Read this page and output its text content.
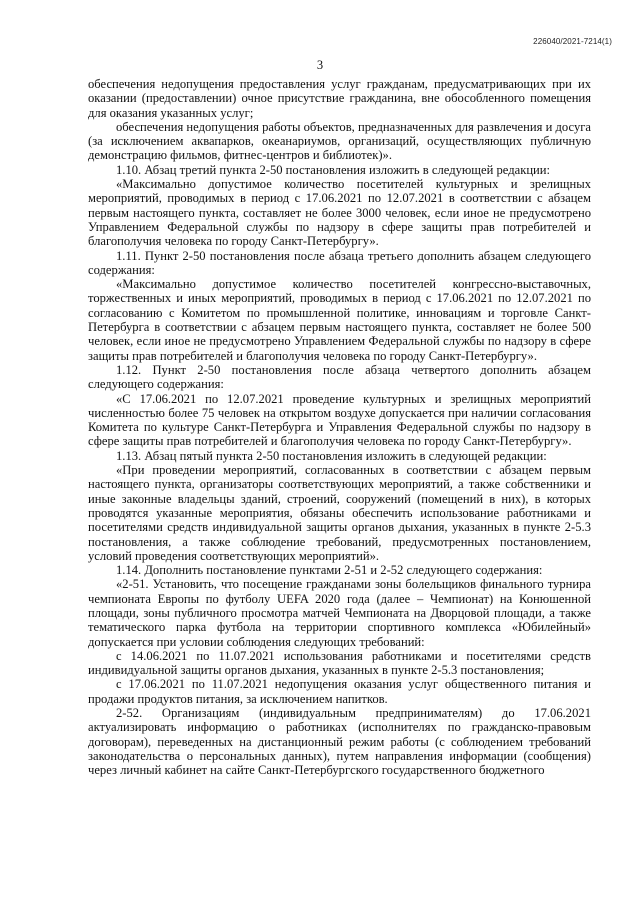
226040/2021-7214(1)
3

обеспечения недопущения предоставления услуг гражданам, предусматривающих при их оказании (предоставлении) очное присутствие гражданина, вне обособленного помещения для оказания указанных услуг;

обеспечения недопущения работы объектов, предназначенных для развлечения и досуга (за исключением аквапарков, океанариумов, организаций, осуществляющих публичную демонстрацию фильмов, фитнес-центров и библиотек)».

1.10. Абзац третий пункта 2-50 постановления изложить в следующей редакции:

«Максимально допустимое количество посетителей культурных и зрелищных мероприятий, проводимых в период с 17.06.2021 по 12.07.2021 в соответствии с абзацем первым настоящего пункта, составляет не более 3000 человек, если иное не предусмотрено Управлением Федеральной службы по надзору в сфере защиты прав потребителей и благополучия человека по городу Санкт-Петербургу».

1.11. Пункт 2-50 постановления после абзаца третьего дополнить абзацем следующего содержания:

«Максимально допустимое количество посетителей конгрессно-выставочных, торжественных и иных мероприятий, проводимых в период с 17.06.2021 по 12.07.2021 по согласованию с Комитетом по промышленной политике, инновациям и торговле Санкт-Петербурга в соответствии с абзацем первым настоящего пункта, составляет не более 500 человек, если иное не предусмотрено Управлением Федеральной службы по надзору в сфере защиты прав потребителей и благополучия человека по городу Санкт-Петербургу».

1.12. Пункт 2-50 постановления после абзаца четвертого дополнить абзацем следующего содержания:

«С 17.06.2021 по 12.07.2021 проведение культурных и зрелищных мероприятий численностью более 75 человек на открытом воздухе допускается при наличии согласования Комитета по культуре Санкт-Петербурга и Управления Федеральной службы по надзору в сфере защиты прав потребителей и благополучия человека по городу Санкт-Петербургу».

1.13. Абзац пятый пункта 2-50 постановления изложить в следующей редакции:

«При проведении мероприятий, согласованных в соответствии с абзацем первым настоящего пункта, организаторы соответствующих мероприятий, а также собственники и иные законные владельцы зданий, строений, сооружений (помещений в них), в которых проводятся указанные мероприятия, обязаны обеспечить использование работниками и посетителями средств индивидуальной защиты органов дыхания, указанных в пункте 2-5.3 постановления, а также соблюдение требований, предусмотренных постановлением, условий проведения соответствующих мероприятий».

1.14. Дополнить постановление пунктами 2-51 и 2-52 следующего содержания:

«2-51. Установить, что посещение гражданами зоны болельщиков финального турнира чемпионата Европы по футболу UEFA 2020 года (далее – Чемпионат) на Конюшенной площади, зоны публичного просмотра матчей Чемпионата на Дворцовой площади, а также тематического парка футбола на территории спортивного комплекса «Юбилейный» допускается при условии соблюдения следующих требований:

с 14.06.2021 по 11.07.2021 использования работниками и посетителями средств индивидуальной защиты органов дыхания, указанных в пункте 2-5.3 постановления;

с 17.06.2021 по 11.07.2021 недопущения оказания услуг общественного питания и продажи продуктов питания, за исключением напитков.

2-52. Организациям (индивидуальным предпринимателям) до 17.06.2021 актуализировать информацию о работниках (исполнителях по гражданско-правовым договорам), переведенных на дистанционный режим работы (с соблюдением требований законодательства о персональных данных), путем направления информации (сообщения) через личный кабинет на сайте Санкт-Петербургского государственного бюджетного
